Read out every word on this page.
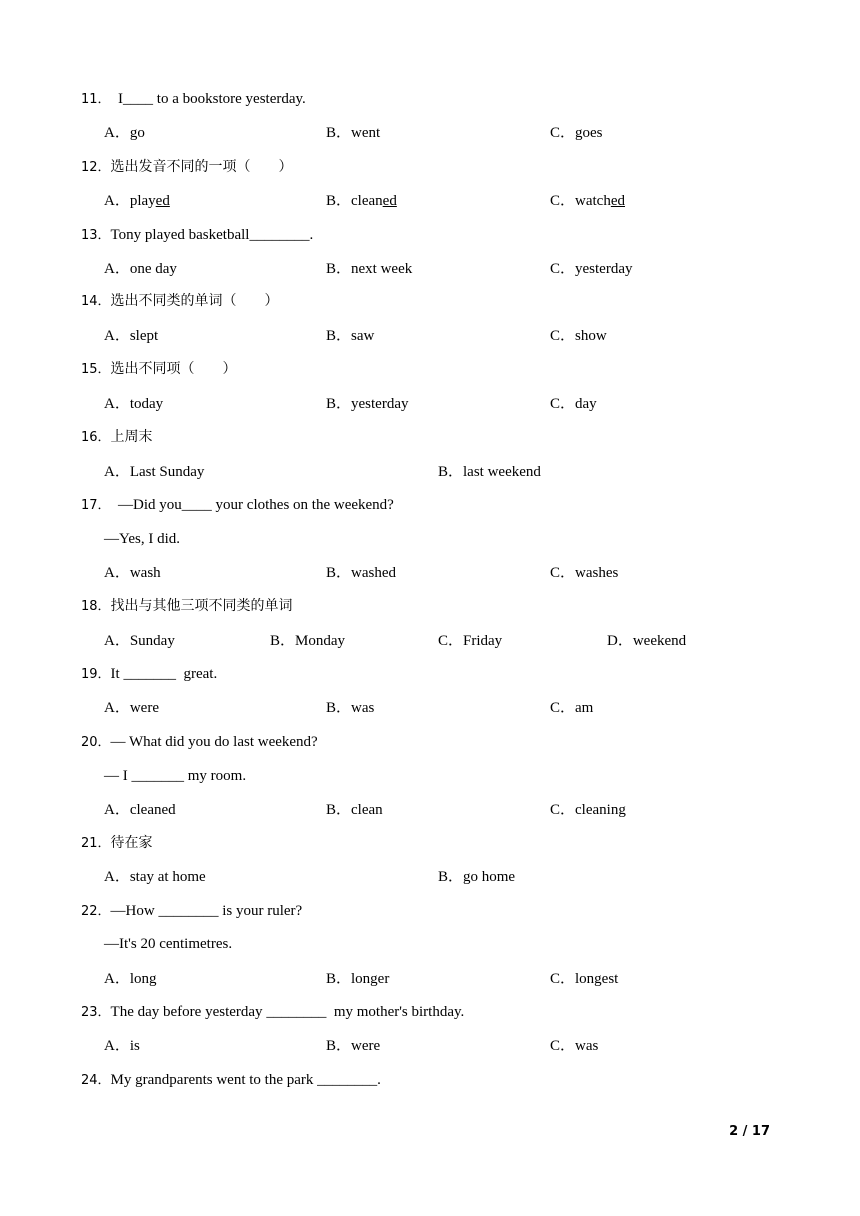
11．  I____ to a bookstore yesterday.
A．go	B．went	C．goes
12．选出发音不同的一项（　　）
A．played	B．cleaned	C．watched
13．Tony played basketball________.
A．one day	B．next week	C．yesterday
14．选出不同类的单词（　　）
A．slept	B．saw	C．show
15．选出不同项（　　）
A．today	B．yesterday	C．day
16．上周末
A．Last Sunday	B．last weekend
17．  —Did you____ your clothes on the weekend?
—Yes, I did.
A．wash	B．washed	C．washes
18．找出与其他三项不同类的单词
A．Sunday	B．Monday	C．Friday	D．weekend
19．It _______  great.
A．were	B．was	C．am
20．— What did you do last weekend?
— I _______ my room.
A．cleaned	B．clean	C．cleaning
21．待在家
A．stay at home	B．go home
22．—How ________ is your ruler?
—It's 20 centimetres.
A．long	B．longer	C．longest
23．The day before yesterday ________  my mother's birthday.
A．is	B．were	C．was
24．My grandparents went to the park ________.
2 / 17
